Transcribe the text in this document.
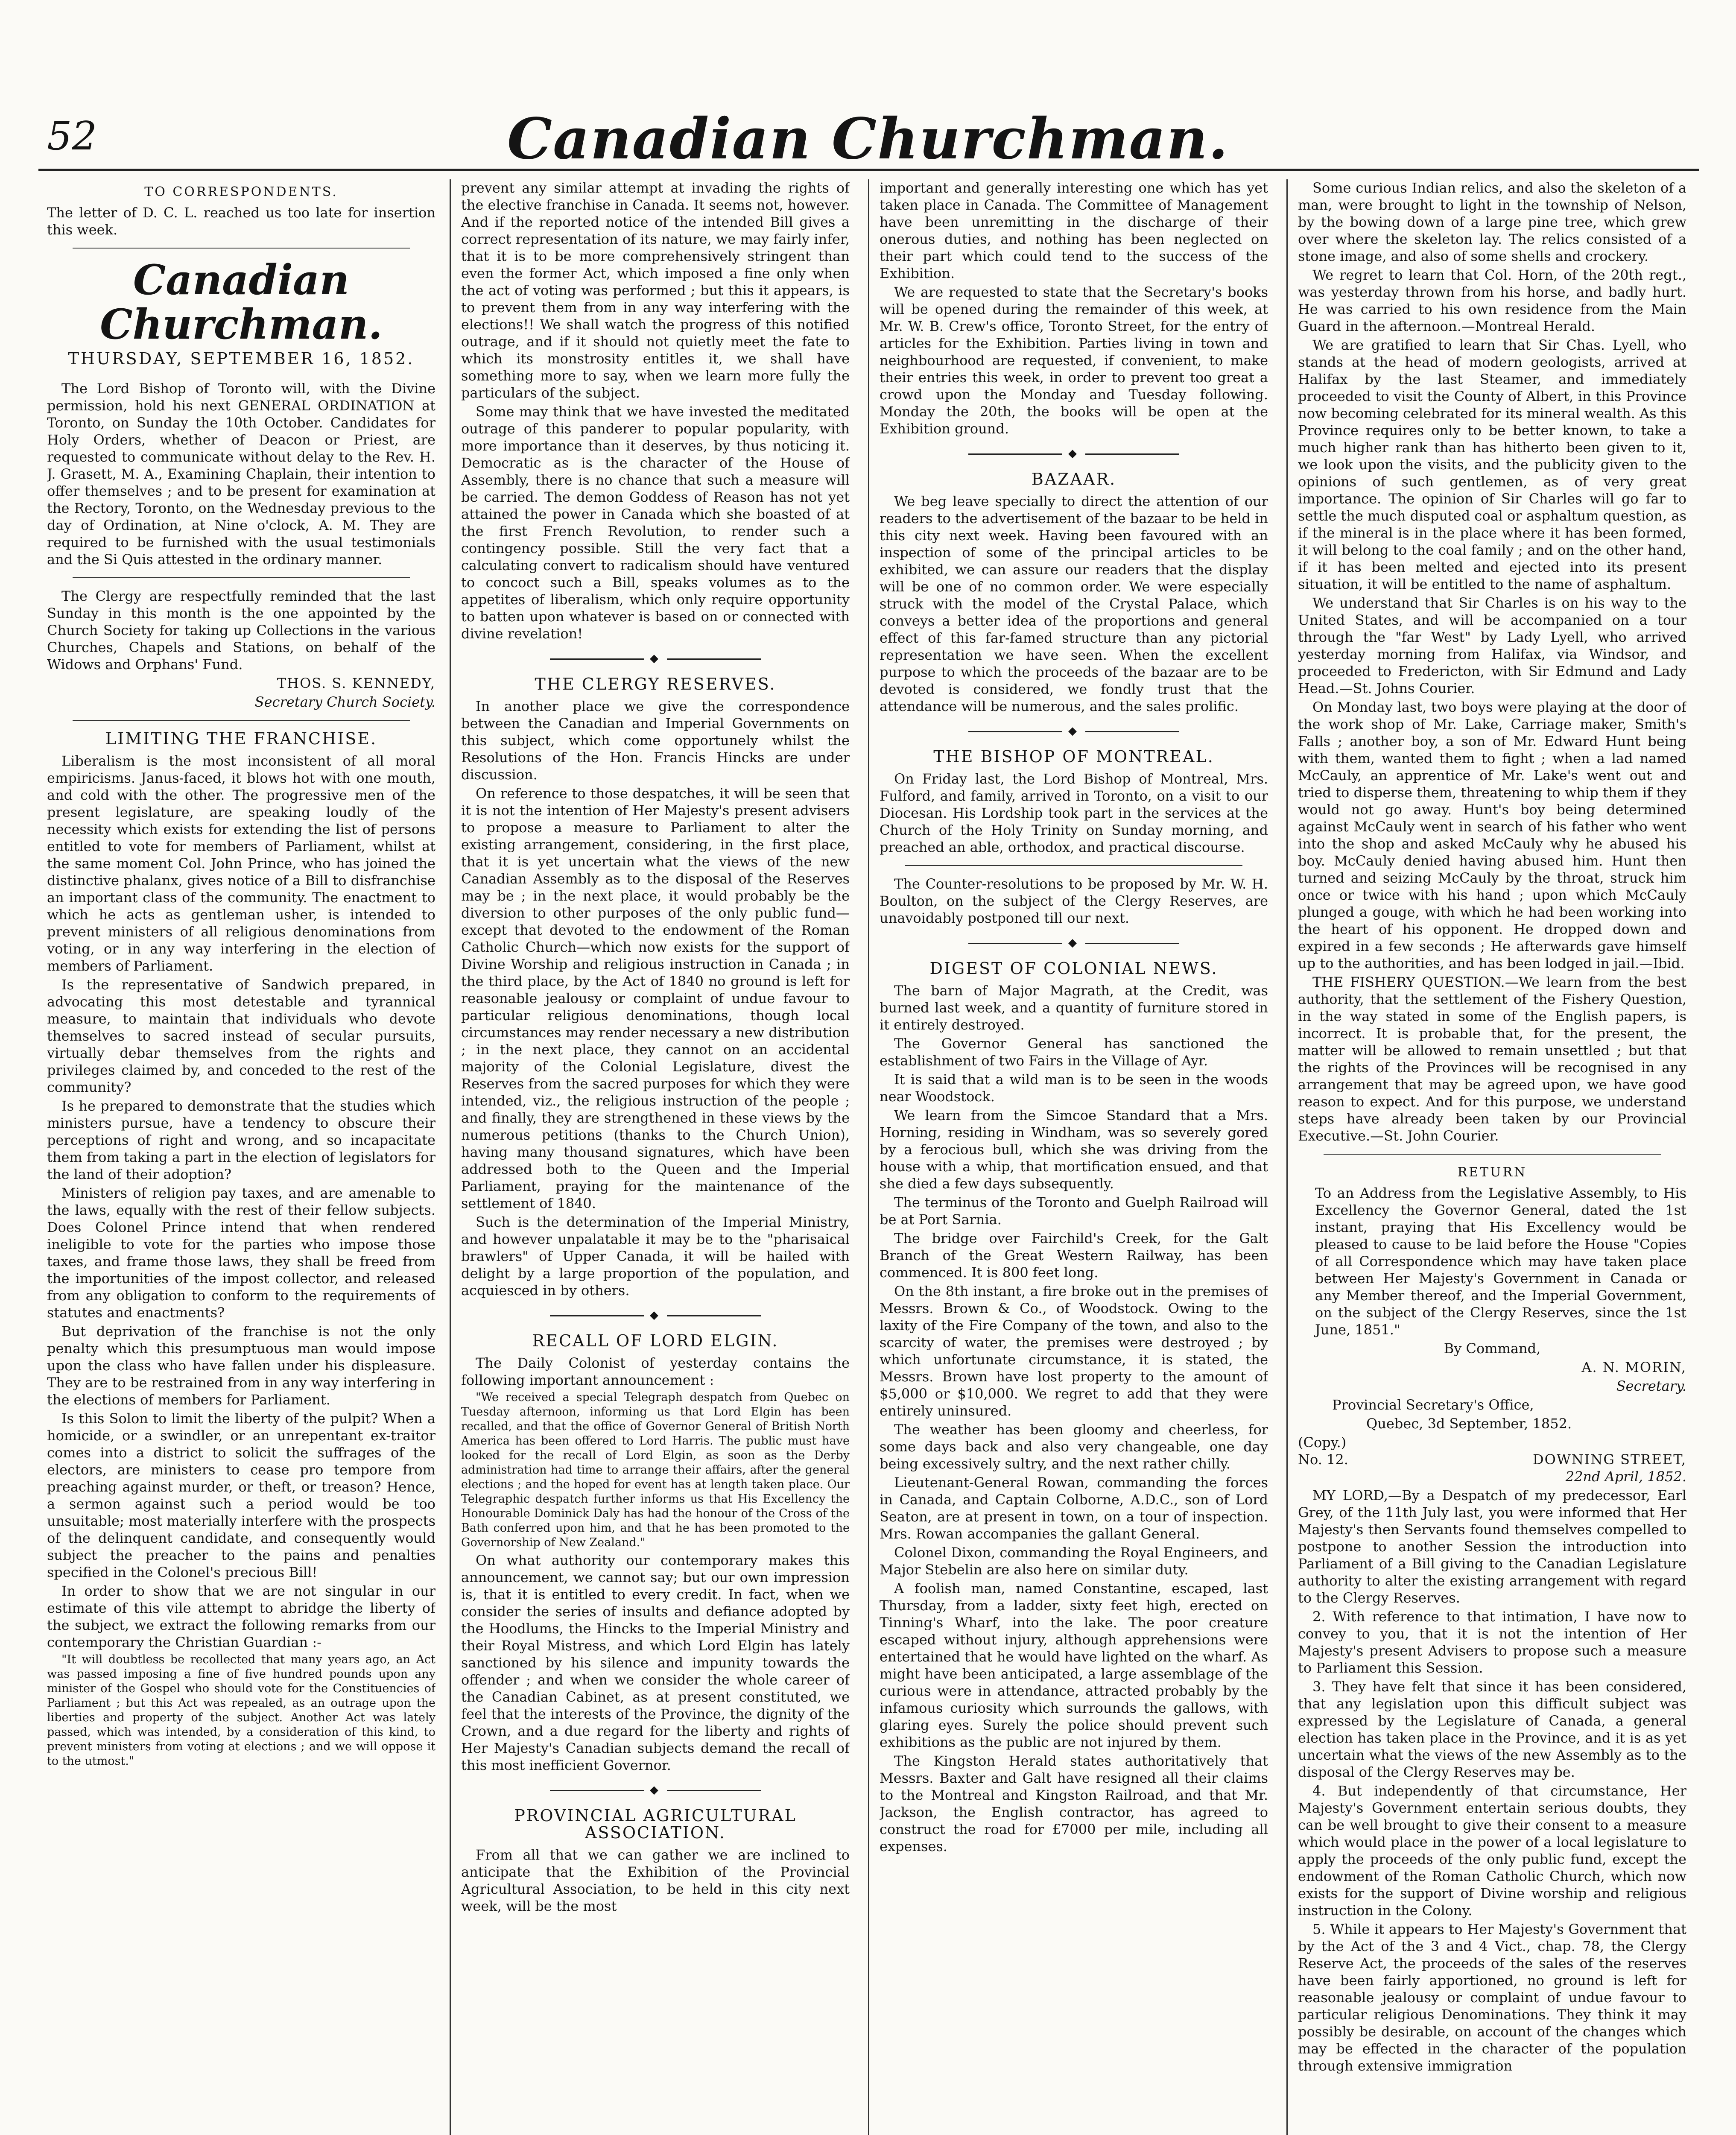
52	Canadian Churchman.

TO CORRESPONDENTS.

The letter of D. C. L. reached us too late for insertion this week.

Canadian Churchman.

THURSDAY, SEPTEMBER 16, 1852.

The Lord Bishop of Toronto will, with the Divine permission, hold his next GENERAL ORDINATION at Toronto, on Sunday the 10th October. Candidates for Holy Orders, whether of Deacon or Priest, are requested to communicate without delay to the Rev. H. J. Grasett, M. A., Examining Chaplain, their intention to offer themselves ; and to be present for examination at the Rectory, Toronto, on the Wednesday previous to the day of Ordination, at Nine o'clock, A. M. They are required to be furnished with the usual testimonials and the Si Quis attested in the ordinary manner.

The Clergy are respectfully reminded that the last Sunday in this month is the one appointed by the Church Society for taking up Collections in the various Churches, Chapels and Stations, on behalf of the Widows and Orphans' Fund.

THOS. S. KENNEDY,

Secretary Church Society.

LIMITING THE FRANCHISE.

Liberalism is the most inconsistent of all moral empiricisms. Janus-faced, it blows hot with one mouth, and cold with the other. The progressive men of the present legislature, are speaking loudly of the necessity which exists for extending the list of persons entitled to vote for members of Parliament, whilst at the same moment Col. John Prince, who has joined the distinctive phalanx, gives notice of a Bill to disfranchise an important class of the community. The enactment to which he acts as gentleman usher, is intended to prevent ministers of all religious denominations from voting, or in any way interfering in the election of members of Parliament.

Is the representative of Sandwich prepared, in advocating this most detestable and tyrannical measure, to maintain that individuals who devote themselves to sacred instead of secular pursuits, virtually debar themselves from the rights and privileges claimed by, and conceded to the rest of the community?

Is he prepared to demonstrate that the studies which ministers pursue, have a tendency to obscure their perceptions of right and wrong, and so incapacitate them from taking a part in the election of legislators for the land of their adoption?

Ministers of religion pay taxes, and are amenable to the laws, equally with the rest of their fellow subjects. Does Colonel Prince intend that when rendered ineligible to vote for the parties who impose those taxes, and frame those laws, they shall be freed from the importunities of the impost collector, and released from any obligation to conform to the requirements of statutes and enactments?

But deprivation of the franchise is not the only penalty which this presumptuous man would impose upon the class who have fallen under his displeasure. They are to be restrained from in any way interfering in the elections of members for Parliament.

Is this Solon to limit the liberty of the pulpit? When a homicide, or a swindler, or an unrepentant ex-traitor comes into a district to solicit the suffrages of the electors, are ministers to cease pro tempore from preaching against murder, or theft, or treason? Hence, a sermon against such a period would be too unsuitable; most materially interfere with the prospects of the delinquent candidate, and consequently would subject the preacher to the pains and penalties specified in the Colonel's precious Bill!

In order to show that we are not singular in our estimate of this vile attempt to abridge the liberty of the subject, we extract the following remarks from our contemporary the Christian Guardian :-

"It will doubtless be recollected that many years ago, an Act was passed imposing a fine of five hundred pounds upon any minister of the Gospel who should vote for the Constituencies of Parliament ; but this Act was repealed, as an outrage upon the liberties and property of the subject. Another Act was lately passed, which was intended, by a consideration of this kind, to prevent ministers from voting at elections ; and we will oppose it to the utmost."

prevent any similar attempt at invading the rights of the elective franchise in Canada. It seems not, however. And if the reported notice of the intended Bill gives a correct representation of its nature, we may fairly infer, that it is to be more comprehensively stringent than even the former Act, which imposed a fine only when the act of voting was performed ; but this it appears, is to prevent them from in any way interfering with the elections!! We shall watch the progress of this notified outrage, and if it should not quietly meet the fate to which its monstrosity entitles it, we shall have something more to say, when we learn more fully the particulars of the subject.

Some may think that we have invested the meditated outrage of this panderer to popular popularity, with more importance than it deserves, by thus noticing it. Democratic as is the character of the House of Assembly, there is no chance that such a measure will be carried. The demon Goddess of Reason has not yet attained the power in Canada which she boasted of at the first French Revolution, to render such a contingency possible. Still the very fact that a calculating convert to radicalism should have ventured to concoct such a Bill, speaks volumes as to the appetites of liberalism, which only require opportunity to batten upon whatever is based on or connected with divine revelation!

◆

THE CLERGY RESERVES.

In another place we give the correspondence between the Canadian and Imperial Governments on this subject, which come opportunely whilst the Resolutions of the Hon. Francis Hincks are under discussion.

On reference to those despatches, it will be seen that it is not the intention of Her Majesty's present advisers to propose a measure to Parliament to alter the existing arrangement, considering, in the first place, that it is yet uncertain what the views of the new Canadian Assembly as to the disposal of the Reserves may be ; in the next place, it would probably be the diversion to other purposes of the only public fund—except that devoted to the endowment of the Roman Catholic Church—which now exists for the support of Divine Worship and religious instruction in Canada ; in the third place, by the Act of 1840 no ground is left for reasonable jealousy or complaint of undue favour to particular religious denominations, though local circumstances may render necessary a new distribution ; in the next place, they cannot on an accidental majority of the Colonial Legislature, divest the Reserves from the sacred purposes for which they were intended, viz., the religious instruction of the people ; and finally, they are strengthened in these views by the numerous petitions (thanks to the Church Union), having many thousand signatures, which have been addressed both to the Queen and the Imperial Parliament, praying for the maintenance of the settlement of 1840.

Such is the determination of the Imperial Ministry, and however unpalatable it may be to the "pharisaical brawlers" of Upper Canada, it will be hailed with delight by a large proportion of the population, and acquiesced in by others.

◆

RECALL OF LORD ELGIN.

The Daily Colonist of yesterday contains the following important announcement :

"We received a special Telegraph despatch from Quebec on Tuesday afternoon, informing us that Lord Elgin has been recalled, and that the office of Governor General of British North America has been offered to Lord Harris. The public must have looked for the recall of Lord Elgin, as soon as the Derby administration had time to arrange their affairs, after the general elections ; and the hoped for event has at length taken place. Our Telegraphic despatch further informs us that His Excellency the Honourable Dominick Daly has had the honour of the Cross of the Bath conferred upon him, and that he has been promoted to the Governorship of New Zealand."

On what authority our contemporary makes this announcement, we cannot say; but our own impression is, that it is entitled to every credit. In fact, when we consider the series of insults and defiance adopted by the Hoodlums, the Hincks to the Imperial Ministry and their Royal Mistress, and which Lord Elgin has lately sanctioned by his silence and impunity towards the offender ; and when we consider the whole career of the Canadian Cabinet, as at present constituted, we feel that the interests of the Province, the dignity of the Crown, and a due regard for the liberty and rights of Her Majesty's Canadian subjects demand the recall of this most inefficient Governor.

◆

PROVINCIAL AGRICULTURAL ASSOCIATION.

From all that we can gather we are inclined to anticipate that the Exhibition of the Provincial Agricultural Association, to be held in this city next week, will be the most

important and generally interesting one which has yet taken place in Canada. The Committee of Management have been unremitting in the discharge of their onerous duties, and nothing has been neglected on their part which could tend to the success of the Exhibition.

We are requested to state that the Secretary's books will be opened during the remainder of this week, at Mr. W. B. Crew's office, Toronto Street, for the entry of articles for the Exhibition. Parties living in town and neighbourhood are requested, if convenient, to make their entries this week, in order to prevent too great a crowd upon the Monday and Tuesday following. Monday the 20th, the books will be open at the Exhibition ground.

◆

BAZAAR.

We beg leave specially to direct the attention of our readers to the advertisement of the bazaar to be held in this city next week. Having been favoured with an inspection of some of the principal articles to be exhibited, we can assure our readers that the display will be one of no common order. We were especially struck with the model of the Crystal Palace, which conveys a better idea of the proportions and general effect of this far-famed structure than any pictorial representation we have seen. When the excellent purpose to which the proceeds of the bazaar are to be devoted is considered, we fondly trust that the attendance will be numerous, and the sales prolific.

◆

THE BISHOP OF MONTREAL.

On Friday last, the Lord Bishop of Montreal, Mrs. Fulford, and family, arrived in Toronto, on a visit to our Diocesan. His Lordship took part in the services at the Church of the Holy Trinity on Sunday morning, and preached an able, orthodox, and practical discourse.

The Counter-resolutions to be proposed by Mr. W. H. Boulton, on the subject of the Clergy Reserves, are unavoidably postponed till our next.

◆

DIGEST OF COLONIAL NEWS.

The barn of Major Magrath, at the Credit, was burned last week, and a quantity of furniture stored in it entirely destroyed.

The Governor General has sanctioned the establishment of two Fairs in the Village of Ayr.

It is said that a wild man is to be seen in the woods near Woodstock.

We learn from the Simcoe Standard that a Mrs. Horning, residing in Windham, was so severely gored by a ferocious bull, which she was driving from the house with a whip, that mortification ensued, and that she died a few days subsequently.

The terminus of the Toronto and Guelph Railroad will be at Port Sarnia.

The bridge over Fairchild's Creek, for the Galt Branch of the Great Western Railway, has been commenced. It is 800 feet long.

On the 8th instant, a fire broke out in the premises of Messrs. Brown & Co., of Woodstock. Owing to the laxity of the Fire Company of the town, and also to the scarcity of water, the premises were destroyed ; by which unfortunate circumstance, it is stated, the Messrs. Brown have lost property to the amount of $5,000 or $10,000. We regret to add that they were entirely uninsured.

The weather has been gloomy and cheerless, for some days back and also very changeable, one day being excessively sultry, and the next rather chilly.

Lieutenant-General Rowan, commanding the forces in Canada, and Captain Colborne, A.D.C., son of Lord Seaton, are at present in town, on a tour of inspection. Mrs. Rowan accompanies the gallant General.

Colonel Dixon, commanding the Royal Engineers, and Major Stebelin are also here on similar duty.

A foolish man, named Constantine, escaped, last Thursday, from a ladder, sixty feet high, erected on Tinning's Wharf, into the lake. The poor creature escaped without injury, although apprehensions were entertained that he would have lighted on the wharf. As might have been anticipated, a large assemblage of the curious were in attendance, attracted probably by the infamous curiosity which surrounds the gallows, with glaring eyes. Surely the police should prevent such exhibitions as the public are not injured by them.

The Kingston Herald states authoritatively that Messrs. Baxter and Galt have resigned all their claims to the Montreal and Kingston Railroad, and that Mr. Jackson, the English contractor, has agreed to construct the road for £7000 per mile, including all expenses.

Some curious Indian relics, and also the skeleton of a man, were brought to light in the township of Nelson, by the bowing down of a large pine tree, which grew over where the skeleton lay. The relics consisted of a stone image, and also of some shells and crockery.

We regret to learn that Col. Horn, of the 20th regt., was yesterday thrown from his horse, and badly hurt. He was carried to his own residence from the Main Guard in the afternoon.—Montreal Herald.

We are gratified to learn that Sir Chas. Lyell, who stands at the head of modern geologists, arrived at Halifax by the last Steamer, and immediately proceeded to visit the County of Albert, in this Province now becoming celebrated for its mineral wealth. As this Province requires only to be better known, to take a much higher rank than has hitherto been given to it, we look upon the visits, and the publicity given to the opinions of such gentlemen, as of very great importance. The opinion of Sir Charles will go far to settle the much disputed coal or asphaltum question, as if the mineral is in the place where it has been formed, it will belong to the coal family ; and on the other hand, if it has been melted and ejected into its present situation, it will be entitled to the name of asphaltum.

We understand that Sir Charles is on his way to the United States, and will be accompanied on a tour through the "far West" by Lady Lyell, who arrived yesterday morning from Halifax, via Windsor, and proceeded to Fredericton, with Sir Edmund and Lady Head.—St. Johns Courier.

On Monday last, two boys were playing at the door of the work shop of Mr. Lake, Carriage maker, Smith's Falls ; another boy, a son of Mr. Edward Hunt being with them, wanted them to fight ; when a lad named McCauly, an apprentice of Mr. Lake's went out and tried to disperse them, threatening to whip them if they would not go away. Hunt's boy being determined against McCauly went in search of his father who went into the shop and asked McCauly why he abused his boy. McCauly denied having abused him. Hunt then turned and seizing McCauly by the throat, struck him once or twice with his hand ; upon which McCauly plunged a gouge, with which he had been working into the heart of his opponent. He dropped down and expired in a few seconds ; He afterwards gave himself up to the authorities, and has been lodged in jail.—Ibid.

THE FISHERY QUESTION.—We learn from the best authority, that the settlement of the Fishery Question, in the way stated in some of the English papers, is incorrect. It is probable that, for the present, the matter will be allowed to remain unsettled ; but that the rights of the Provinces will be recognised in any arrangement that may be agreed upon, we have good reason to expect. And for this purpose, we understand steps have already been taken by our Provincial Executive.—St. John Courier.

RETURN

To an Address from the Legislative Assembly, to His Excellency the Governor General, dated the 1st instant, praying that His Excellency would be pleased to cause to be laid before the House "Copies of all Correspondence which may have taken place between Her Majesty's Government in Canada or any Member thereof, and the Imperial Government, on the subject of the Clergy Reserves, since the 1st June, 1851."

By Command,

A. N. MORIN,

Secretary.

Provincial Secretary's Office,

Quebec, 3d September, 1852.

(Copy.)
No. 12.	DOWNING STREET,

22nd April, 1852.

MY LORD,—By a Despatch of my predecessor, Earl Grey, of the 11th July last, you were informed that Her Majesty's then Servants found themselves compelled to postpone to another Session the introduction into Parliament of a Bill giving to the Canadian Legislature authority to alter the existing arrangement with regard to the Clergy Reserves.

2. With reference to that intimation, I have now to convey to you, that it is not the intention of Her Majesty's present Advisers to propose such a measure to Parliament this Session.

3. They have felt that since it has been considered, that any legislation upon this difficult subject was expressed by the Legislature of Canada, a general election has taken place in the Province, and it is as yet uncertain what the views of the new Assembly as to the disposal of the Clergy Reserves may be.

4. But independently of that circumstance, Her Majesty's Government entertain serious doubts, they can be well brought to give their consent to a measure which would place in the power of a local legislature to apply the proceeds of the only public fund, except the endowment of the Roman Catholic Church, which now exists for the support of Divine worship and religious instruction in the Colony.

5. While it appears to Her Majesty's Government that by the Act of the 3 and 4 Vict., chap. 78, the Clergy Reserve Act, the proceeds of the sales of the reserves have been fairly apportioned, no ground is left for reasonable jealousy or complaint of undue favour to particular religious Denominations. They think it may possibly be desirable, on account of the changes which may be effected in the character of the population through extensive immigration
